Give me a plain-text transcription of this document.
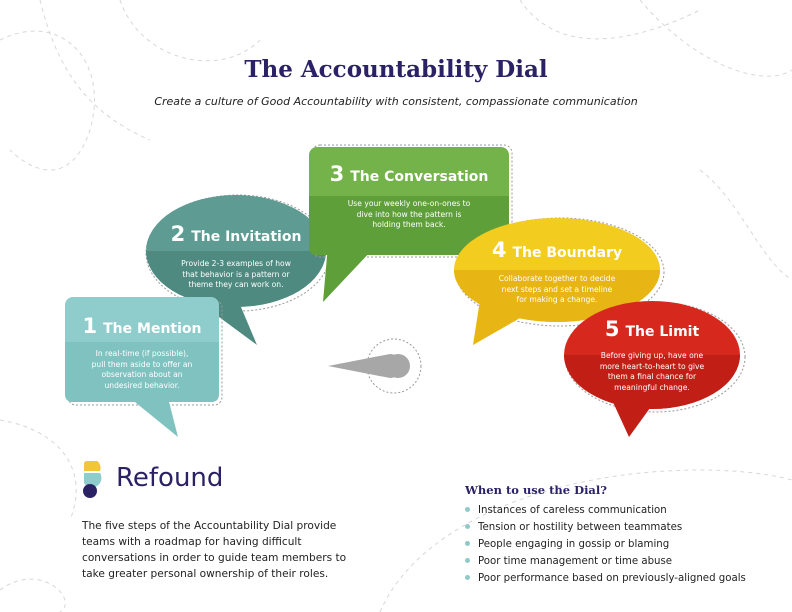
The Accountability Dial
Create a culture of Good Accountability with consistent, compassionate communication
1 The Mention
In real-time (if possible),
pull them aside to offer an
observation about an
undesired behavior.
2 The Invitation
Provide 2-3 examples of how
that behavior is a pattern or
theme they can work on.
3 The Conversation
Use your weekly one-on-ones to
dive into how the pattern is
holding them back.
4 The Boundary
Collaborate together to decide
next steps and set a timeline
for making a change.
5 The Limit
Before giving up, have one
more heart-to-heart to give
them a final chance for
meaningful change.
Refound
The five steps of the Accountability Dial provide teams with a roadmap for having difficult conversations in order to guide team members to take greater personal ownership of their roles.
When to use the Dial?
Instances of careless communication
Tension or hostility between teammates
People engaging in gossip or blaming
Poor time management or time abuse
Poor performance based on previously-aligned goals
